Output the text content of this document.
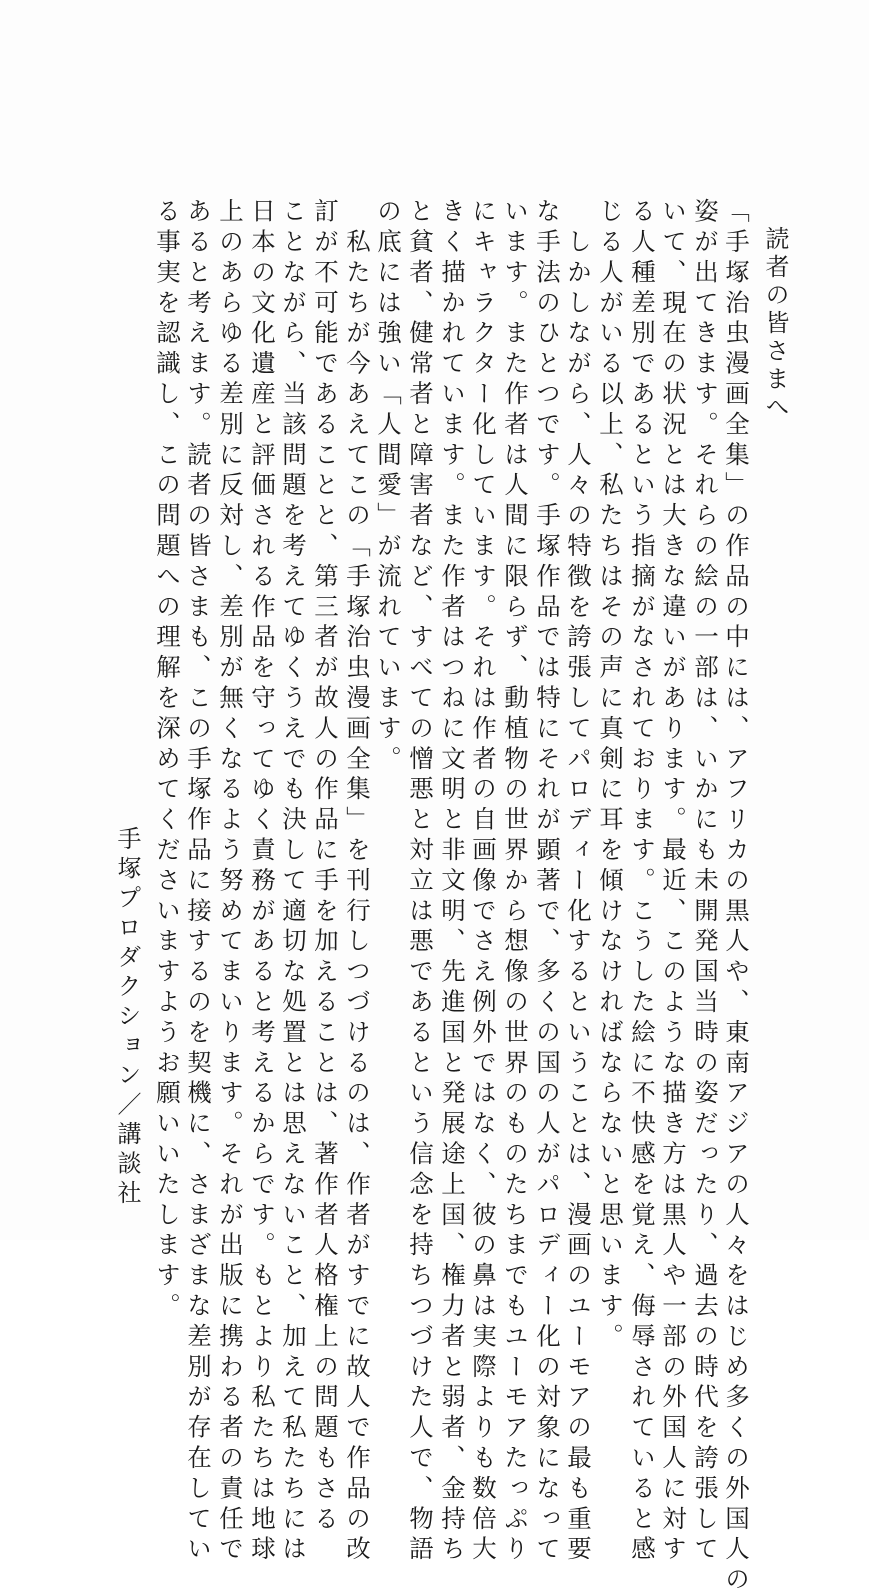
読者の皆さまへ
「手塚治虫漫画全集」の作品の中には、アフリカの黒人や、東南アジアの人々をはじめ多くの外国人の
姿が出てきます。それらの絵の一部は、いかにも未開発国当時の姿だったり、過去の時代を誇張して
いて、現在の状況とは大きな違いがあります。最近、このような描き方は黒人や一部の外国人に対す
る人種差別であるという指摘がなされております。こうした絵に不快感を覚え、侮辱されていると感
じる人がいる以上、私たちはその声に真剣に耳を傾けなければならないと思います。
　しかしながら、人々の特徴を誇張してパロディー化するということは、漫画のユーモアの最も重要
な手法のひとつです。手塚作品では特にそれが顕著で、多くの国の人がパロディー化の対象になって
います。また作者は人間に限らず、動植物の世界から想像の世界のものたちまでもユーモアたっぷり
にキャラクター化しています。それは作者の自画像でさえ例外ではなく、彼の鼻は実際よりも数倍大
きく描かれています。また作者はつねに文明と非文明、先進国と発展途上国、権力者と弱者、金持ち
と貧者、健常者と障害者など、すべての憎悪と対立は悪であるという信念を持ちつづけた人で、物語
の底には強い「人間愛」が流れています。
　私たちが今あえてこの「手塚治虫漫画全集」を刊行しつづけるのは、作者がすでに故人で作品の改
訂が不可能であることと、第三者が故人の作品に手を加えることは、著作者人格権上の問題もさる
ことながら、当該問題を考えてゆくうえでも決して適切な処置とは思えないこと、加えて私たちには
日本の文化遺産と評価される作品を守ってゆく責務があると考えるからです。もとより私たちは地球
上のあらゆる差別に反対し、差別が無くなるよう努めてまいります。それが出版に携わる者の責任で
あると考えます。読者の皆さまも、この手塚作品に接するのを契機に、さまざまな差別が存在してい
る事実を認識し、この問題への理解を深めてくださいますようお願いいたします。
手塚プロダクション／講談社
